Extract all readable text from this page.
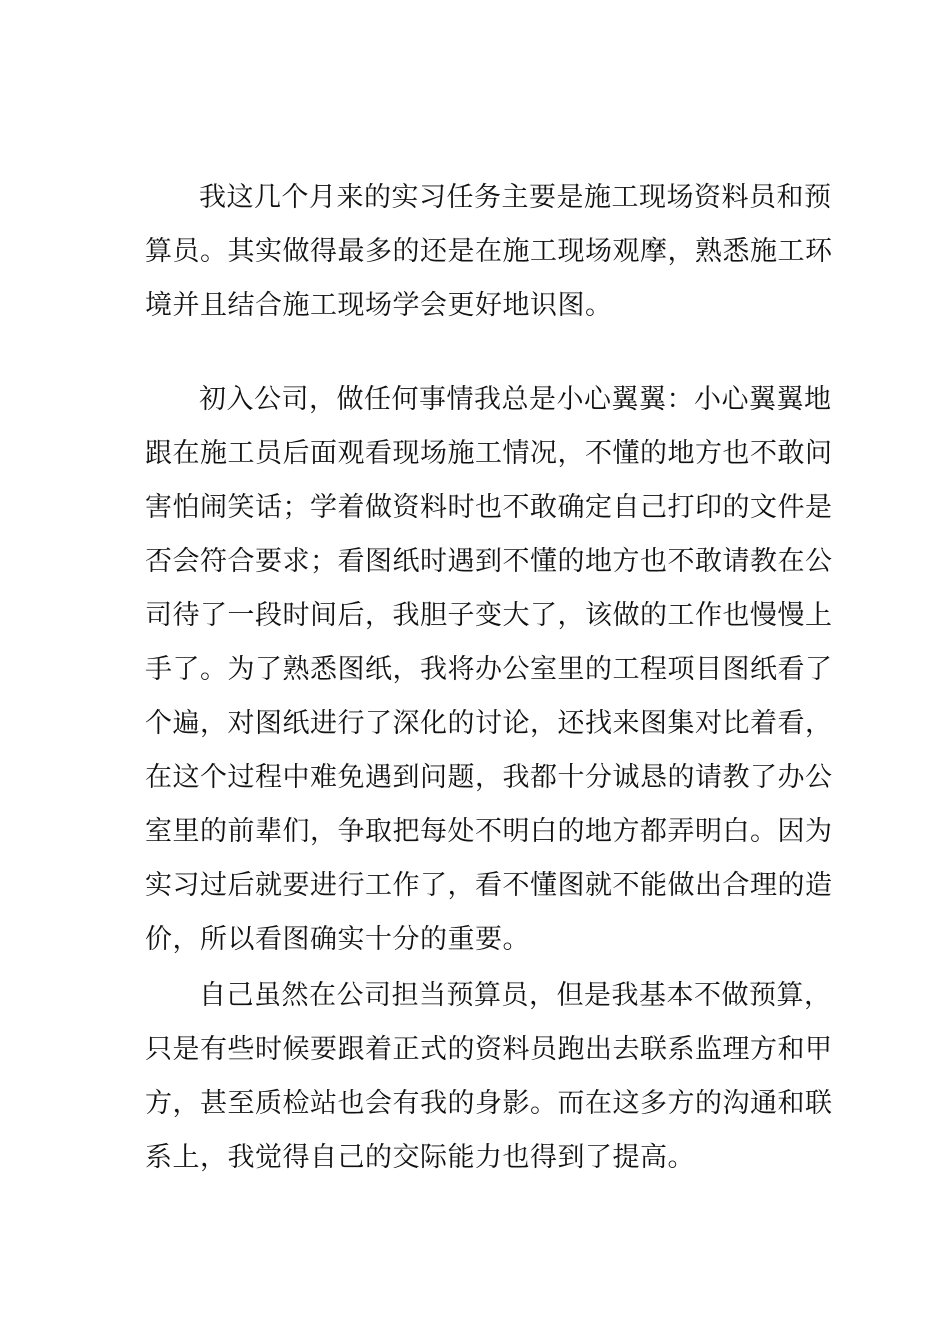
我这几个月来的实习任务主要是施工现场资料员和预
算员。其实做得最多的还是在施工现场观摩，熟悉施工环
境并且结合施工现场学会更好地识图。

初入公司，做任何事情我总是小心翼翼：小心翼翼地
跟在施工员后面观看现场施工情况，不懂的地方也不敢问
害怕闹笑话；学着做资料时也不敢确定自己打印的文件是
否会符合要求；看图纸时遇到不懂的地方也不敢请教在公
司待了一段时间后，我胆子变大了，该做的工作也慢慢上
手了。为了熟悉图纸，我将办公室里的工程项目图纸看了
个遍，对图纸进行了深化的讨论，还找来图集对比着看，
在这个过程中难免遇到问题，我都十分诚恳的请教了办公
室里的前辈们，争取把每处不明白的地方都弄明白。因为
实习过后就要进行工作了，看不懂图就不能做出合理的造
价，所以看图确实十分的重要。

自己虽然在公司担当预算员，但是我基本不做预算，
只是有些时候要跟着正式的资料员跑出去联系监理方和甲
方，甚至质检站也会有我的身影。而在这多方的沟通和联
系上，我觉得自己的交际能力也得到了提高。
